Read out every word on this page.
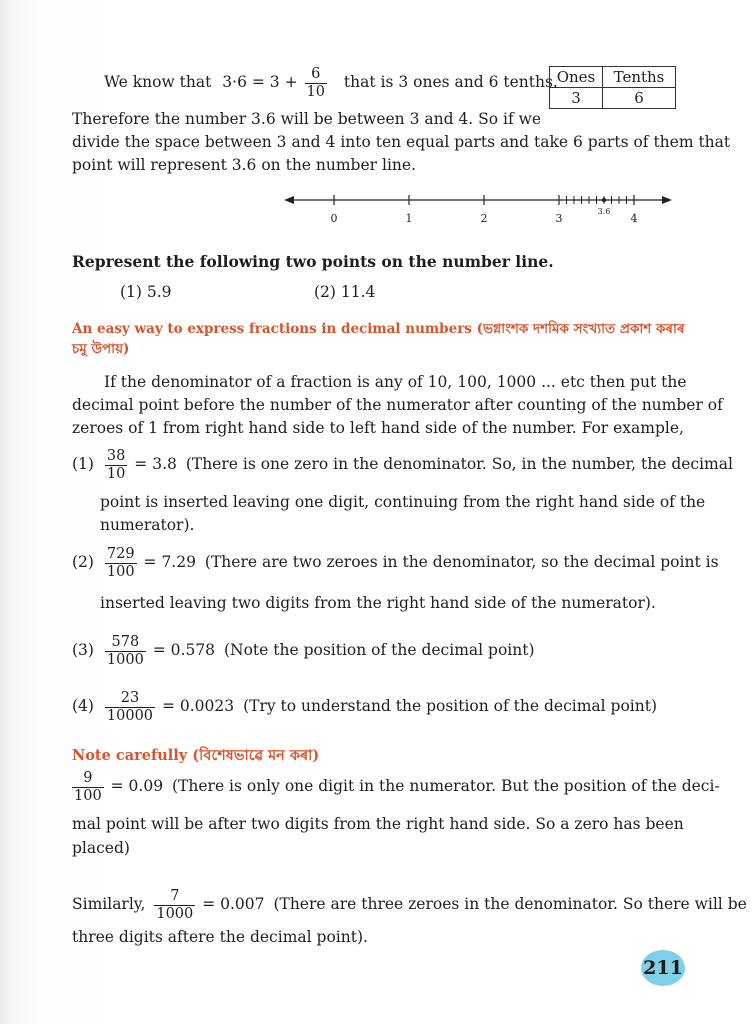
We know that $3\cdot 6 = 3 + \frac{6}{10}$ that is 3 ones and 6 tenths.
Ones	Tenths
3	6
Therefore the number 3.6 will be between 3 and 4. So if we
divide the space between 3 and 4 into ten equal parts and take 6 parts of them that
point will represent 3.6 on the number line.
0	1	2	3
3.6
4
Represent the following two points on the number line.
(1) 5.9	(2) 11.4
An easy way to express fractions in decimal numbers (ভগ্নাংশক দশমিক সংখ্যাত প্ৰকাশ কৰাৰ চমু উপায়)
If the denominator of a fraction is any of 10, 100, 1000 ... etc then put the
decimal point before the number of the numerator after counting of the number of
zeroes of 1 from right hand side to left hand side of the number. For example,
$(1) \frac{38}{10} = 3.8$ (There is one zero in the denominator. So, in the number, the decimal
point is inserted leaving one digit, continuing from the right hand side of the
numerator).
$(2) \frac{729}{100} = 7.29$ (There are two zeroes in the denominator, so the decimal point is
inserted leaving two digits from the right hand side of the numerator).
$(3) \frac{578}{1000} = 0.578$ (Note the position of the decimal point)
$(4) \frac{23}{10000} = 0.0023$ (Try to understand the position of the decimal point)
Note carefully (বিশেষভাৱে মন কৰা)
$\frac{9}{100} = 0.09$ (There is only one digit in the numerator. But the position of the deci-
mal point will be after two digits from the right hand side. So a zero has been
placed)
Similarly, $\frac{7}{1000} = 0.007$ (There are three zeroes in the denominator. So there will be
three digits aftere the decimal point).
211
